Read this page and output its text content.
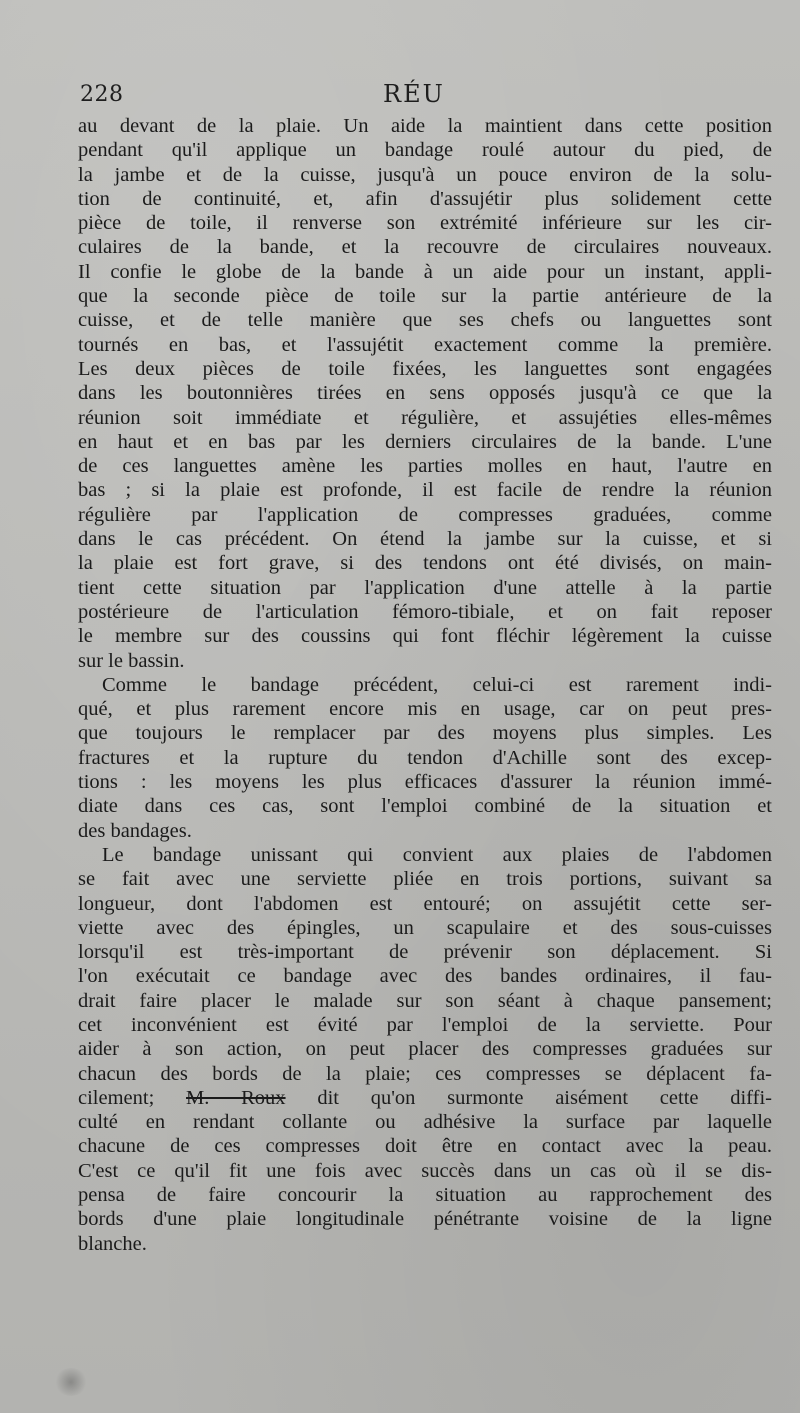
228	RÉU
au devant de la plaie. Un aide la maintient dans cette position
pendant qu'il applique un bandage roulé autour du pied, de
la jambe et de la cuisse, jusqu'à un pouce environ de la solu-
tion de continuité, et, afin d'assujétir plus solidement cette
pièce de toile, il renverse son extrémité inférieure sur les cir-
culaires de la bande, et la recouvre de circulaires nouveaux.
Il confie le globe de la bande à un aide pour un instant, appli-
que la seconde pièce de toile sur la partie antérieure de la
cuisse, et de telle manière que ses chefs ou languettes sont
tournés en bas, et l'assujétit exactement comme la première.
Les deux pièces de toile fixées, les languettes sont engagées
dans les boutonnières tirées en sens opposés jusqu'à ce que la
réunion soit immédiate et régulière, et assujéties elles-mêmes
en haut et en bas par les derniers circulaires de la bande. L'une
de ces languettes amène les parties molles en haut, l'autre en
bas ; si la plaie est profonde, il est facile de rendre la réunion
régulière par l'application de compresses graduées, comme
dans le cas précédent. On étend la jambe sur la cuisse, et si
la plaie est fort grave, si des tendons ont été divisés, on main-
tient cette situation par l'application d'une attelle à la partie
postérieure de l'articulation fémoro-tibiale, et on fait reposer
le membre sur des coussins qui font fléchir légèrement la cuisse
sur le bassin.
Comme le bandage précédent, celui-ci est rarement indi-
qué, et plus rarement encore mis en usage, car on peut pres-
que toujours le remplacer par des moyens plus simples. Les
fractures et la rupture du tendon d'Achille sont des excep-
tions : les moyens les plus efficaces d'assurer la réunion immé-
diate dans ces cas, sont l'emploi combiné de la situation et
des bandages.
Le bandage unissant qui convient aux plaies de l'abdomen
se fait avec une serviette pliée en trois portions, suivant sa
longueur, dont l'abdomen est entouré; on assujétit cette ser-
viette avec des épingles, un scapulaire et des sous-cuisses
lorsqu'il est très-important de prévenir son déplacement. Si
l'on exécutait ce bandage avec des bandes ordinaires, il fau-
drait faire placer le malade sur son séant à chaque pansement;
cet inconvénient est évité par l'emploi de la serviette. Pour
aider à son action, on peut placer des compresses graduées sur
chacun des bords de la plaie; ces compresses se déplacent fa-
cilement; M. Roux dit qu'on surmonte aisément cette diffi-
culté en rendant collante ou adhésive la surface par laquelle
chacune de ces compresses doit être en contact avec la peau.
C'est ce qu'il fit une fois avec succès dans un cas où il se dis-
pensa de faire concourir la situation au rapprochement des
bords d'une plaie longitudinale pénétrante voisine de la ligne
blanche.
